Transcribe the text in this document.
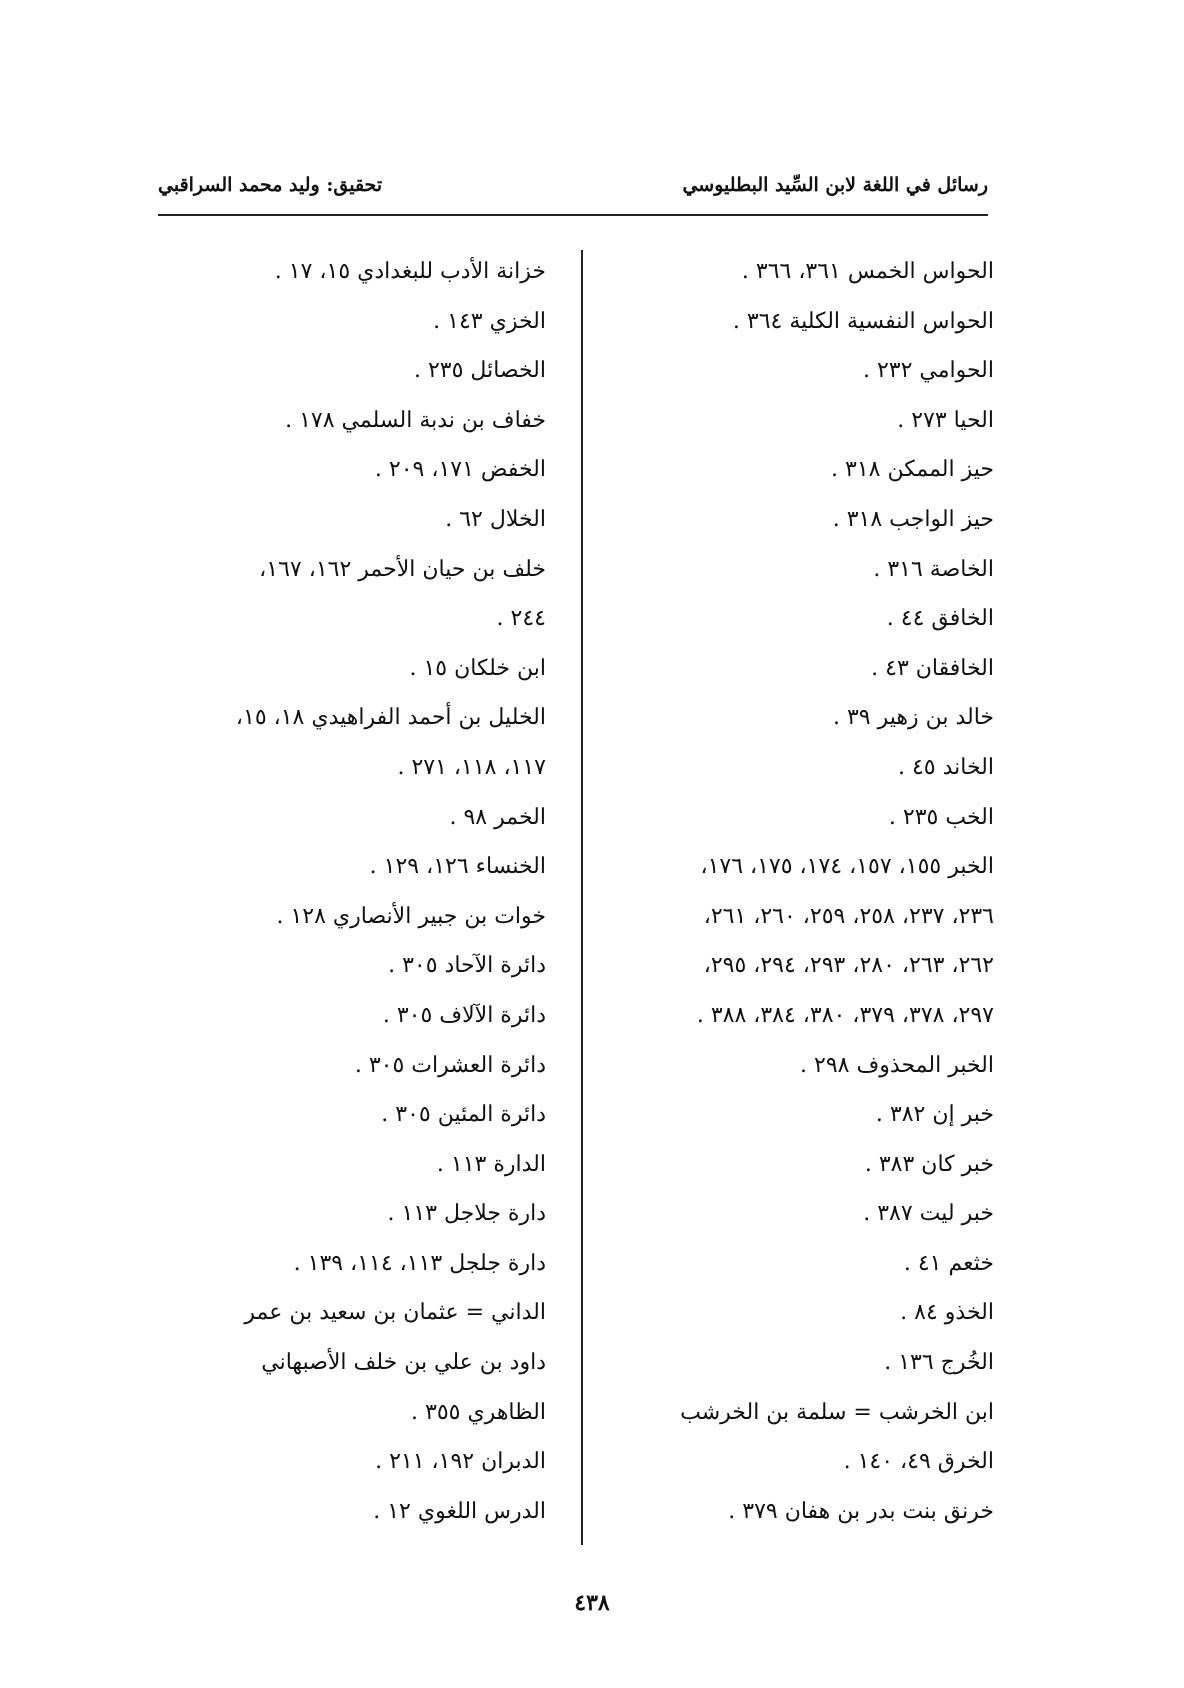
رسائل في اللغة لابن السِّيد البطليوسي
تحقيق: وليد محمد السراقبي
الحواس الخمس ٣٦١، ٣٦٦ .
الحواس النفسية الكلية ٣٦٤ .
الحوامي ٢٣٢ .
الحيا ٢٧٣ .
حيز الممكن ٣١٨ .
حيز الواجب ٣١٨ .
الخاصة ٣١٦ .
الخافق ٤٤ .
الخافقان ٤٣ .
خالد بن زهير ٣٩ .
الخاند ٤٥ .
الخب ٢٣٥ .
الخبر ١٥٥، ١٥٧، ١٧٤، ١٧٥، ١٧٦،
٢٣٦، ٢٣٧، ٢٥٨، ٢٥٩، ٢٦٠، ٢٦١،
٢٦٢، ٢٦٣، ٢٨٠، ٢٩٣، ٢٩٤، ٢٩٥،
٢٩٧، ٣٧٨، ٣٧٩، ٣٨٠، ٣٨٤، ٣٨٨ .
الخبر المحذوف ٢٩٨ .
خبر إن ٣٨٢ .
خبر كان ٣٨٣ .
خبر ليت ٣٨٧ .
خثعم ٤١ .
الخذو ٨٤ .
الخُرج ١٣٦ .
ابن الخرشب = سلمة بن الخرشب
الخرق ٤٩، ١٤٠ .
خرنق بنت بدر بن هفان ٣٧٩ .
خزانة الأدب للبغدادي ١٥، ١٧ .
الخزي ١٤٣ .
الخصائل ٢٣٥ .
خفاف بن ندبة السلمي ١٧٨ .
الخفض ١٧١، ٢٠٩ .
الخلال ٦٢ .
خلف بن حيان الأحمر ١٦٢، ١٦٧،
٢٤٤ .
ابن خلكان ١٥ .
الخليل بن أحمد الفراهيدي ١٨، ١٥،
١١٧، ١١٨، ٢٧١ .
الخمر ٩٨ .
الخنساء ١٢٦، ١٢٩ .
خوات بن جبير الأنصاري ١٢٨ .
دائرة الآحاد ٣٠٥ .
دائرة الآلاف ٣٠٥ .
دائرة العشرات ٣٠٥ .
دائرة المئين ٣٠٥ .
الدارة ١١٣ .
دارة جلاجل ١١٣ .
دارة جلجل ١١٣، ١١٤، ١٣٩ .
الداني = عثمان بن سعيد بن عمر
داود بن علي بن خلف الأصبهاني
الظاهري ٣٥٥ .
الدبران ١٩٢، ٢١١ .
الدرس اللغوي ١٢ .
٤٣٨
